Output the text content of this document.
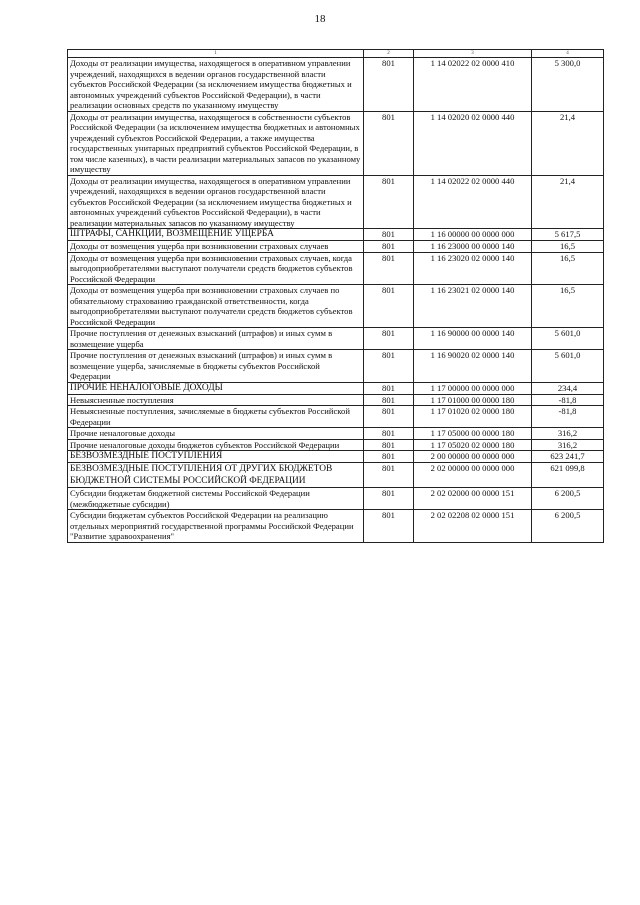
18
1	2	3	4
Доходы от реализации имущества, находящегося в оперативном управлении учреждений, находящихся в ведении органов государственной власти субъектов Российской Федерации (за исключением имущества бюджетных и автономных учреждений субъектов Российской Федерации), в части реализации основных средств по указанному имуществу	801	1 14 02022 02 0000 410	5 300,0
Доходы от реализации имущества, находящегося в собственности субъектов Российской Федерации (за исключением имущества бюджетных и автономных учреждений субъектов Российской Федерации, а также имущества государственных унитарных предприятий субъектов Российской Федерации, в том числе казенных), в части реализации материальных запасов по указанному имуществу	801	1 14 02020 02 0000 440	21,4
Доходы от реализации имущества, находящегося в оперативном управлении учреждений, находящихся в ведении органов государственной власти субъектов Российской Федерации (за исключением имущества бюджетных и автономных учреждений субъектов Российской Федерации), в части реализации материальных запасов по указанному имуществу	801	1 14 02022 02 0000 440	21,4
ШТРАФЫ, САНКЦИИ, ВОЗМЕЩЕНИЕ УЩЕРБА	801	1 16 00000 00 0000 000	5 617,5
Доходы от возмещения ущерба при возникновении страховых случаев	801	1 16 23000 00 0000 140	16,5
Доходы от возмещения ущерба при возникновении страховых случаев, когда выгодоприобретателями выступают получатели средств бюджетов субъектов Российской Федерации	801	1 16 23020 02 0000 140	16,5
Доходы от возмещения ущерба при возникновении страховых случаев по обязательному страхованию гражданской ответственности, когда выгодоприобретателями выступают получатели средств бюджетов субъектов Российской Федерации	801	1 16 23021 02 0000 140	16,5
Прочие поступления от денежных взысканий (штрафов) и иных сумм в возмещение ущерба	801	1 16 90000 00 0000 140	5 601,0
Прочие поступления от денежных взысканий (штрафов) и иных сумм в возмещение ущерба, зачисляемые в бюджеты субъектов Российской Федерации	801	1 16 90020 02 0000 140	5 601,0
ПРОЧИЕ НЕНАЛОГОВЫЕ ДОХОДЫ	801	1 17 00000 00 0000 000	234,4
Невыясненные поступления	801	1 17 01000 00 0000 180	-81,8
Невыясненные поступления, зачисляемые в бюджеты субъектов Российской Федерации	801	1 17 01020 02 0000 180	-81,8
Прочие неналоговые доходы	801	1 17 05000 00 0000 180	316,2
Прочие неналоговые доходы бюджетов субъектов Российской Федерации	801	1 17 05020 02 0000 180	316,2
БЕЗВОЗМЕЗДНЫЕ ПОСТУПЛЕНИЯ	801	2 00 00000 00 0000 000	623 241,7
БЕЗВОЗМЕЗДНЫЕ ПОСТУПЛЕНИЯ ОТ ДРУГИХ БЮДЖЕТОВ БЮДЖЕТНОЙ СИСТЕМЫ РОССИЙСКОЙ ФЕДЕРАЦИИ	801	2 02 00000 00 0000 000	621 099,8
Субсидии бюджетам бюджетной системы Российской Федерации (межбюджетные субсидии)	801	2 02 02000 00 0000 151	6 200,5
Субсидии бюджетам субъектов Российской Федерации на реализацию отдельных мероприятий государственной программы Российской Федерации "Развитие здравоохранения"	801	2 02 02208 02 0000 151	6 200,5
